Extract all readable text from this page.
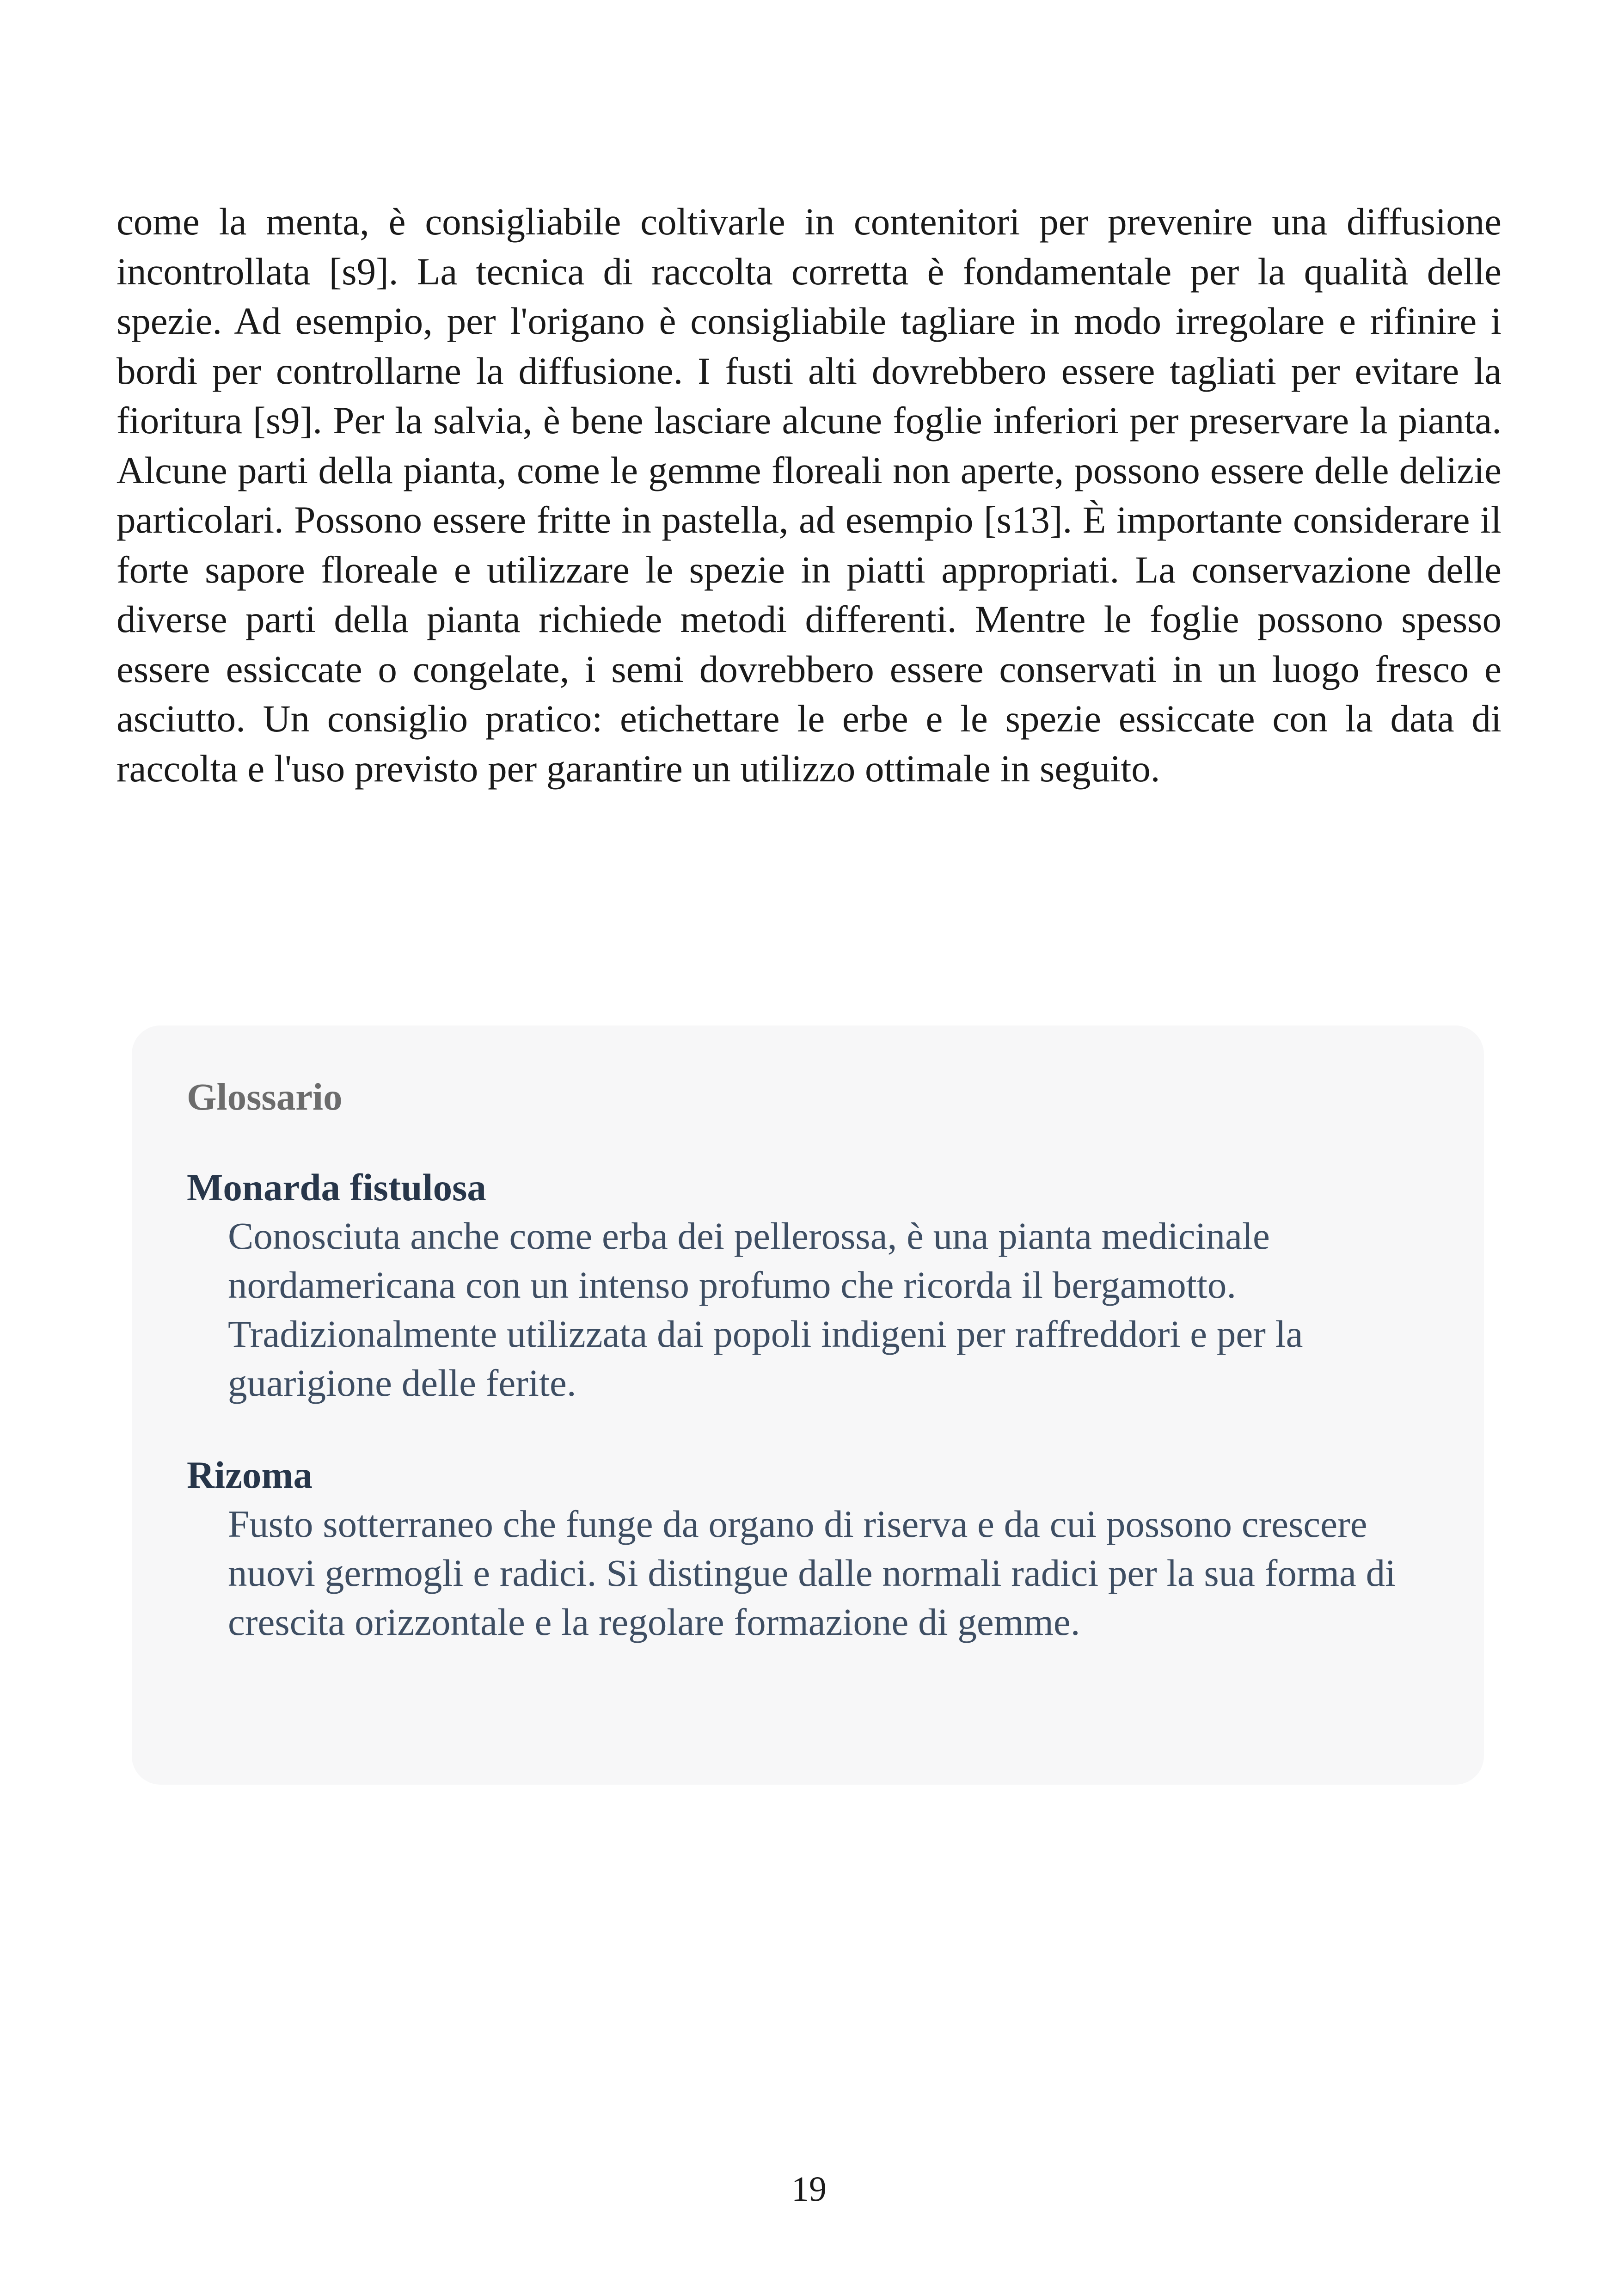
come la menta, è consigliabile coltivarle in contenitori per prevenire una diffusione incontrollata [s9]. La tecnica di raccolta corretta è fondamentale per la qualità delle spezie. Ad esempio, per l'origano è consigliabile tagliare in modo irregolare e rifinire i bordi per controllarne la diffusione. I fusti alti dovrebbero essere tagliati per evitare la fioritura [s9]. Per la salvia, è bene lasciare alcune foglie inferiori per preservare la pianta. Alcune parti della pianta, come le gemme floreali non aperte, possono essere delle delizie particolari. Possono essere fritte in pastella, ad esempio [s13]. È importante considerare il forte sapore floreale e utilizzare le spezie in piatti appropriati. La conservazione delle diverse parti della pianta richiede metodi differenti. Mentre le foglie possono spesso essere essiccate o congelate, i semi dovrebbero essere conservati in un luogo fresco e asciutto. Un consiglio pratico: etichettare le erbe e le spezie essiccate con la data di raccolta e l'uso previsto per garantire un utilizzo ottimale in seguito.

Glossario

Monarda fistulosa

Conosciuta anche come erba dei pellerossa, è una pianta medicinale nordamericana con un intenso profumo che ricorda il bergamotto. Tradizionalmente utilizzata dai popoli indigeni per raffreddori e per la guarigione delle ferite.

Rizoma

Fusto sotterraneo che funge da organo di riserva e da cui possono crescere nuovi germogli e radici. Si distingue dalle normali radici per la sua forma di crescita orizzontale e la regolare formazione di gemme.

19
